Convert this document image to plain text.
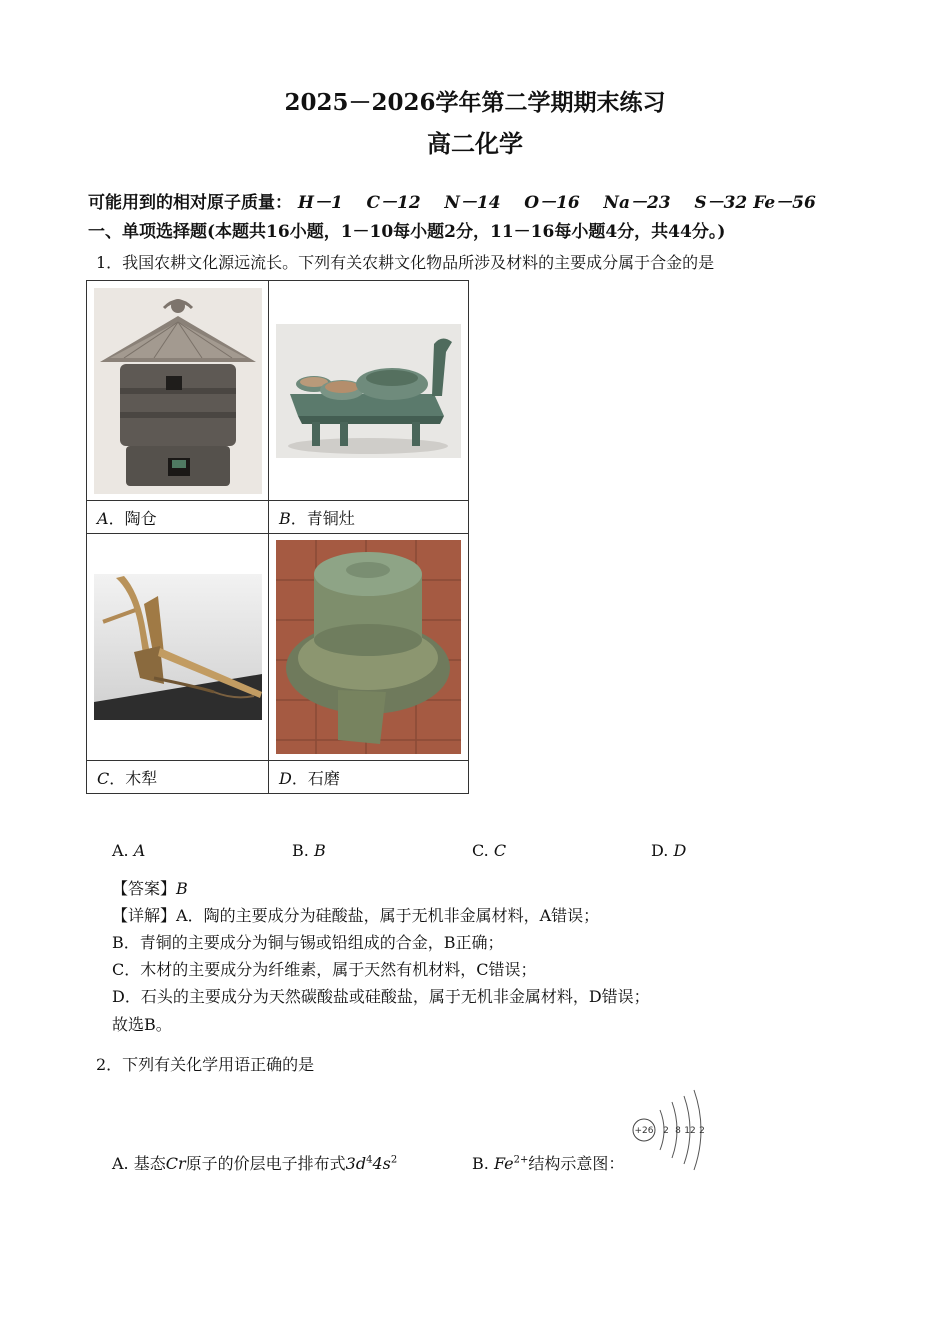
2025－2026学年第二学期期末练习
高二化学
可能用到的相对原子质量： H－1 C－12 N－14 O－16 Na－23 S－32 Fe－56
一、单项选择题(本题共16小题，1－10每小题2分，11－16每小题4分，共44分。)
1．我国农耕文化源远流长。下列有关农耕文化物品所涉及材料的主要成分属于合金的是

A．陶仓	B．青铜灶

C．木犁	D．石磨
A. A	B. B	C. C	D. D
【答案】B
【详解】A．陶的主要成分为硅酸盐，属于无机非金属材料，A错误；
B．青铜的主要成分为铜与锡或铅组成的合金，B正确；
C．木材的主要成分为纤维素，属于天然有机材料，C错误；
D．石头的主要成分为天然碳酸盐或硅酸盐，属于无机非金属材料，D错误；
故选B。
2．下列有关化学用语正确的是
A. 基态Cr原子的价层电子排布式$3d^44s^2$	B. $Fe^{2+}$结构示意图：
+26 2 8 12 2
